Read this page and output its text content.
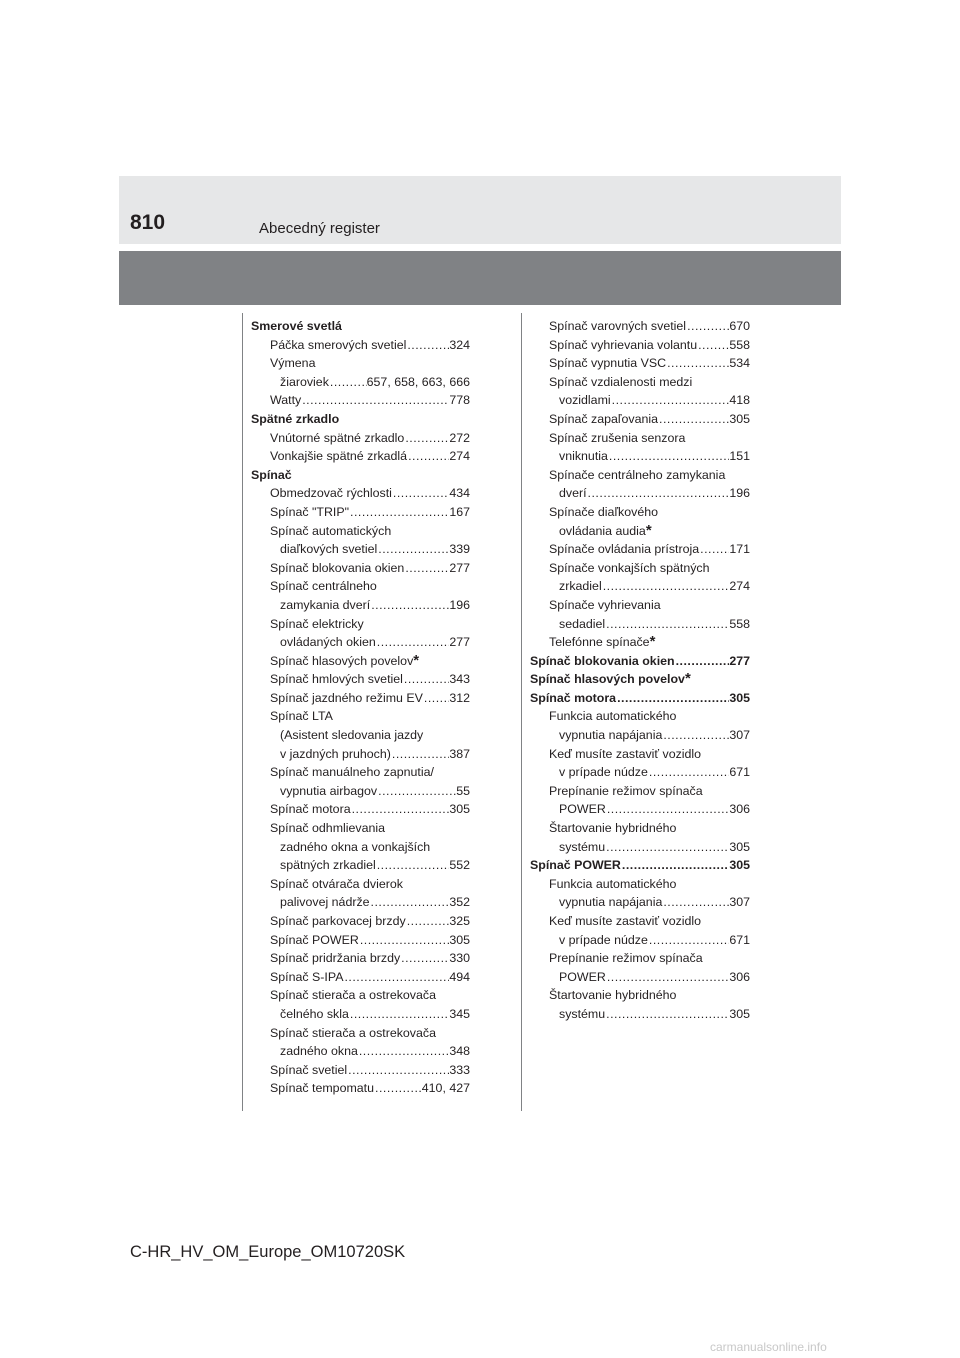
810	Abecedný register
Smerové svetlá
Páčka smerových svetiel .....	324
Výmena
žiaroviek .....	657, 658, 663, 666
Watty .....	778
Spätné zrkadlo
Vnútorné spätné zrkadlo .....	272
Vonkajšie spätné zrkadlá .....	274
Spínač
Obmedzovač rýchlosti .....	434
Spínač "TRIP" .....	167
Spínač automatických
diaľkových svetiel .....	339
Spínač blokovania okien .....	277
Spínač centrálneho
zamykania dverí .....	196
Spínač elektricky
ovládaných okien .....	277
Spínač hlasových povelov *
Spínač hmlových svetiel .....	343
Spínač jazdného režimu EV ..... 312
Spínač LTA
(Asistent sledovania jazdy
v jazdných pruhoch) .....	387
Spínač manuálneho zapnutia/
vypnutia airbagov .....	55
Spínač motora .....	305
Spínač odhmlievania
zadného okna a vonkajších
spätných zrkadiel .....	552
Spínač otvárača dvierok
palivovej nádrže .....	352
Spínač parkovacej brzdy .....	325
Spínač POWER .....	305
Spínač pridržania brzdy .....	330
Spínač S-IPA .....	494
Spínač stierača a ostrekovača
čelného skla .....	345
Spínač stierača a ostrekovača
zadného okna .....	348
Spínač svetiel .....	333
Spínač tempomatu .....	410, 427
Spínač varovných svetiel .....	670
Spínač vyhrievania volantu .....	558
Spínač vypnutia VSC .....	534
Spínač vzdialenosti medzi
vozidlami .....	418
Spínač zapaľovania .....	305
Spínač zrušenia senzora
vniknutia .....	151
Spínače centrálneho zamykania
dverí .....	196
Spínače diaľkového
ovládania audia *
Spínače ovládania prístroja ..... 171
Spínače vonkajších spätných
zrkadiel .....	274
Spínače vyhrievania
sedadiel .....	558
Telefónne spínače *
Spínač blokovania okien .....	277
Spínač hlasových povelov *
Spínač motora .....	305
Funkcia automatického
vypnutia napájania .....	307
Keď musíte zastaviť vozidlo
v prípade núdze .....	671
Prepínanie režimov spínača
POWER .....	306
Štartovanie hybridného
systému .....	305
Spínač POWER .....	305
Funkcia automatického
vypnutia napájania .....	307
Keď musíte zastaviť vozidlo
v prípade núdze .....	671
Prepínanie režimov spínača
POWER .....	306
Štartovanie hybridného
systému .....	305
C-HR_HV_OM_Europe_OM10720SK
carmanualsonline.info
